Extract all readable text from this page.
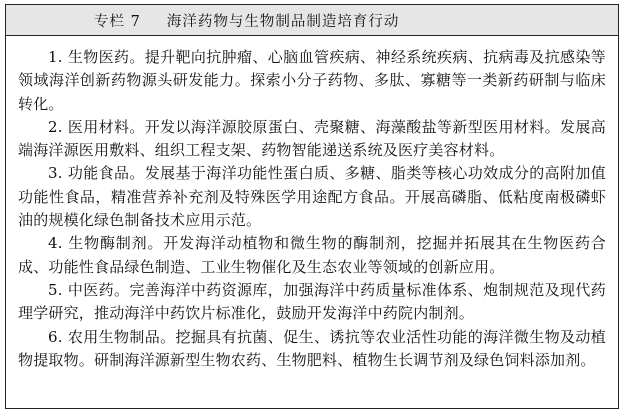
专栏 7 海洋药物与生物制品制造培育行动

1. 生物医药。提升靶向抗肿瘤、心脑血管疾病、神经系统疾病、抗病毒及抗感染等领域海洋创新药物源头研发能力。探索小分子药物、多肽、寡糖等一类新药研制与临床转化。

2. 医用材料。开发以海洋源胶原蛋白、壳聚糖、海藻酸盐等新型医用材料。发展高端海洋源医用敷料、组织工程支架、药物智能递送系统及医疗美容材料。

3. 功能食品。发展基于海洋功能性蛋白质、多糖、脂类等核心功效成分的高附加值功能性食品，精准营养补充剂及特殊医学用途配方食品。开展高磷脂、低粘度南极磷虾油的规模化绿色制备技术应用示范。

4. 生物酶制剂。开发海洋动植物和微生物的酶制剂，挖掘并拓展其在生物医药合成、功能性食品绿色制造、工业生物催化及生态农业等领域的创新应用。

5. 中医药。完善海洋中药资源库，加强海洋中药质量标准体系、炮制规范及现代药理学研究，推动海洋中药饮片标准化，鼓励开发海洋中药院内制剂。

6. 农用生物制品。挖掘具有抗菌、促生、诱抗等农业活性功能的海洋微生物及动植物提取物。研制海洋源新型生物农药、生物肥料、植物生长调节剂及绿色饲料添加剂。
